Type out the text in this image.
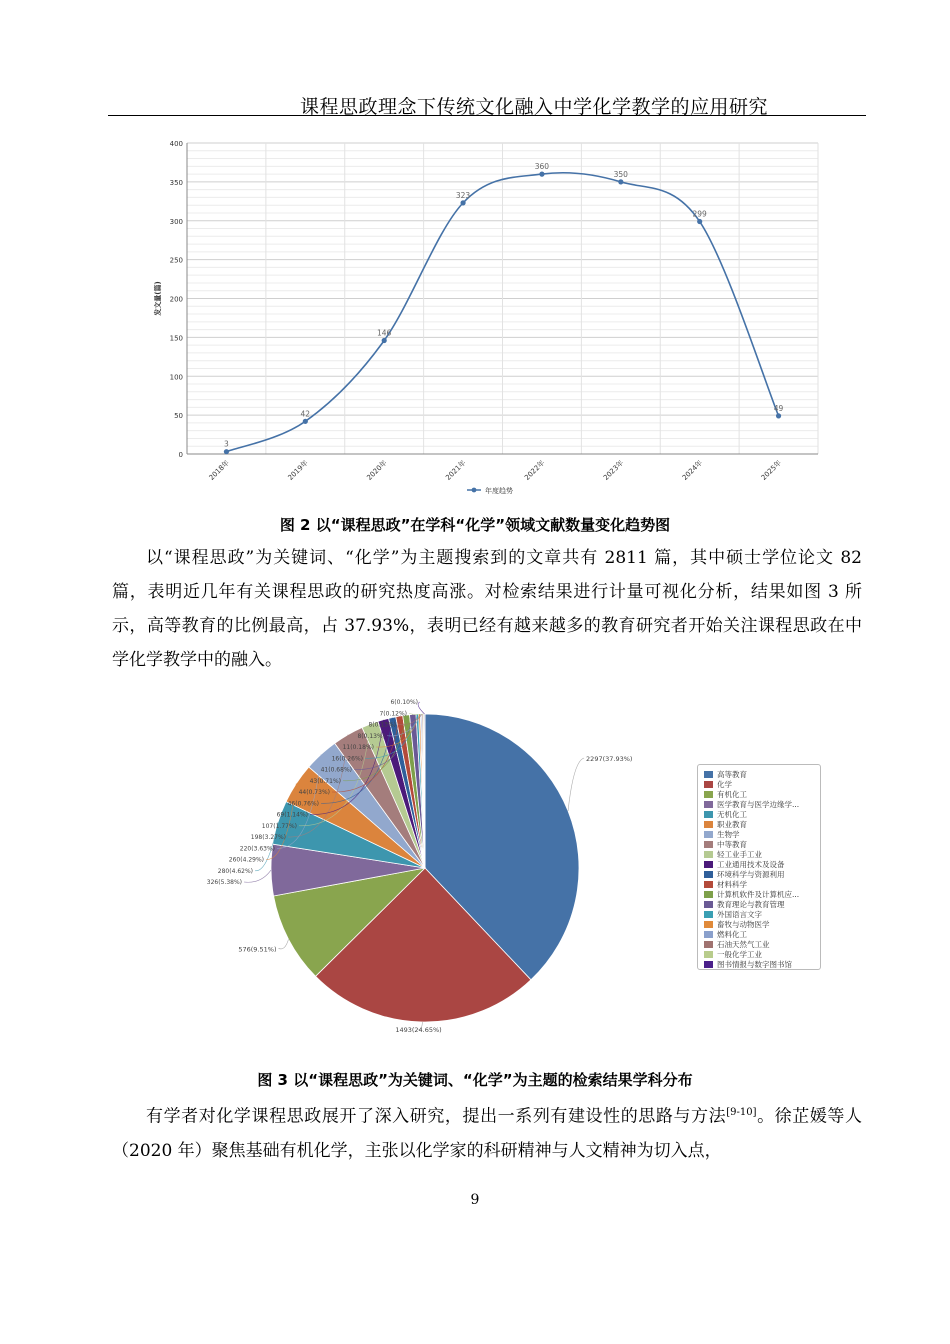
课程思政理念下传统文化融入中学化学教学的应用研究
0
50
100
150
200
250
300
350
400
发文量(篇)
2018年	2019年	2020年	2021年	2022年	2023年	2024年	2025年
3
42
146
323
360
350
299
49
年度趋势
图 2 以“课程思政”在学科“化学”领域文献数量变化趋势图
以“课程思政”为关键词、“化学”为主题搜索到的文章共有 2811 篇，其中硕士学位论文 82 篇，表明近几年有关课程思政的研究热度高涨。对检索结果进行计量可视化分析，结果如图 3 所示，高等教育的比例最高，占 37.93%，表明已经有越来越多的教育研究者开始关注课程思政在中学化学教学中的融入。
2297(37.93%)
1493(24.65%)
576(9.51%)
326(5.38%)
280(4.62%)
260(4.29%)
220(3.63%)
198(3.27%)
107(1.77%)
69(1.14%)
46(0.76%)
44(0.73%)
43(0.71%)
41(0.68%)
16(0.26%)
11(0.18%)
8(0.13%)
8(0.13%)
7(0.12%)
6(0.10%)
高等教育
化学
有机化工
医学教育与医学边缘学...
无机化工
职业教育
生物学
中等教育
轻工业手工业
工业通用技术及设备
环境科学与资源利用
材料科学
计算机软件及计算机应...
教育理论与教育管理
外国语言文字
畜牧与动物医学
燃料化工
石油天然气工业
一般化学工业
图书情报与数字图书馆
图 3 以“课程思政”为关键词、“化学”为主题的检索结果学科分布
有学者对化学课程思政展开了深入研究，提出一系列有建设性的思路与方法[9-10]。徐芷媛等人（2020 年）聚焦基础有机化学，主张以化学家的科研精神与人文精神为切入点，
9
